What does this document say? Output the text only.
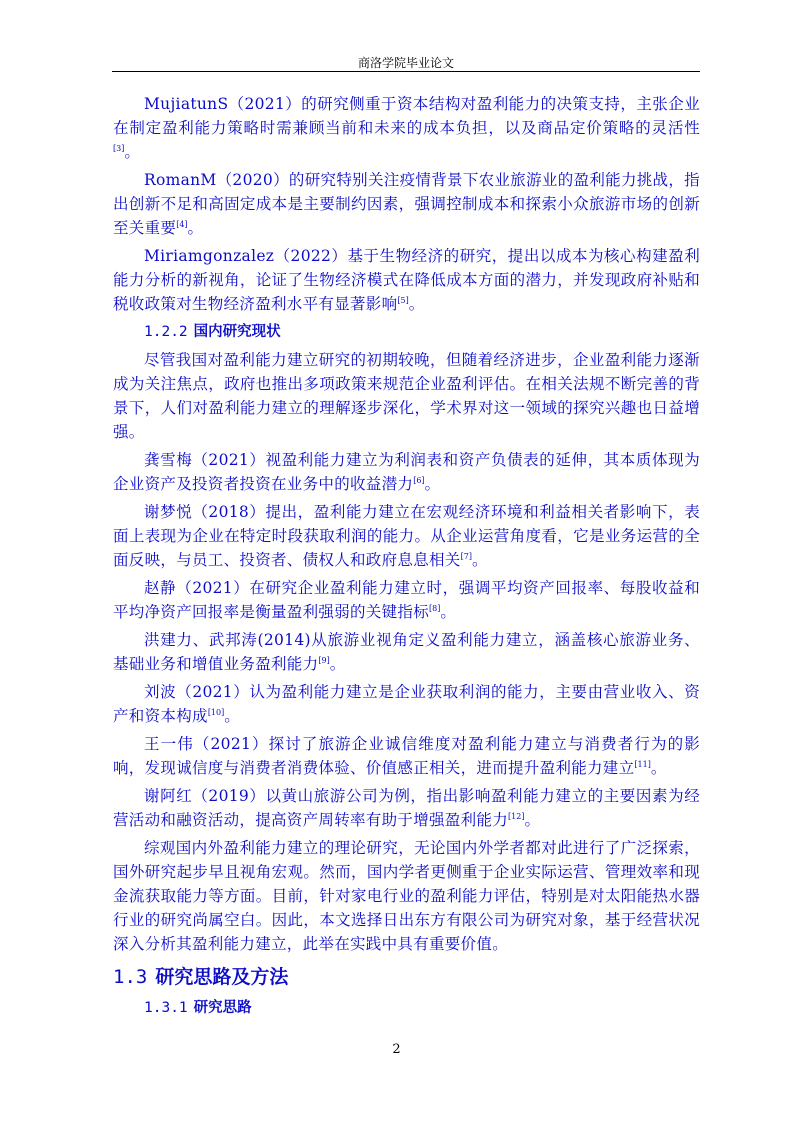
商洛学院毕业论文

MujiatunS（2021）的研究侧重于资本结构对盈利能力的决策支持，主张企业在制定盈利能力策略时需兼顾当前和未来的成本负担，以及商品定价策略的灵活性[3]。

RomanM（2020）的研究特别关注疫情背景下农业旅游业的盈利能力挑战，指出创新不足和高固定成本是主要制约因素，强调控制成本和探索小众旅游市场的创新至关重要[4]。

Miriamgonzalez（2022）基于生物经济的研究，提出以成本为核心构建盈利能力分析的新视角，论证了生物经济模式在降低成本方面的潜力，并发现政府补贴和税收政策对生物经济盈利水平有显著影响[5]。

1.2.2 国内研究现状

尽管我国对盈利能力建立研究的初期较晚，但随着经济进步，企业盈利能力逐渐成为关注焦点，政府也推出多项政策来规范企业盈利评估。在相关法规不断完善的背景下，人们对盈利能力建立的理解逐步深化，学术界对这一领域的探究兴趣也日益增强。

龚雪梅（2021）视盈利能力建立为利润表和资产负债表的延伸，其本质体现为企业资产及投资者投资在业务中的收益潜力[6]。

谢梦悦（2018）提出，盈利能力建立在宏观经济环境和利益相关者影响下，表面上表现为企业在特定时段获取利润的能力。从企业运营角度看，它是业务运营的全面反映，与员工、投资者、债权人和政府息息相关[7]。

赵静（2021）在研究企业盈利能力建立时，强调平均资产回报率、每股收益和平均净资产回报率是衡量盈利强弱的关键指标[8]。

洪建力、武邦涛(2014)从旅游业视角定义盈利能力建立，涵盖核心旅游业务、基础业务和增值业务盈利能力[9]。

刘波（2021）认为盈利能力建立是企业获取利润的能力，主要由营业收入、资产和资本构成[10]。

王一伟（2021）探讨了旅游企业诚信维度对盈利能力建立与消费者行为的影响，发现诚信度与消费者消费体验、价值感正相关，进而提升盈利能力建立[11]。

谢阿红（2019）以黄山旅游公司为例，指出影响盈利能力建立的主要因素为经营活动和融资活动，提高资产周转率有助于增强盈利能力[12]。

综观国内外盈利能力建立的理论研究，无论国内外学者都对此进行了广泛探索，国外研究起步早且视角宏观。然而，国内学者更侧重于企业实际运营、管理效率和现金流获取能力等方面。目前，针对家电行业的盈利能力评估，特别是对太阳能热水器行业的研究尚属空白。因此，本文选择日出东方有限公司为研究对象，基于经营状况深入分析其盈利能力建立，此举在实践中具有重要价值。

1.3 研究思路及方法
1.3.1 研究思路
2
